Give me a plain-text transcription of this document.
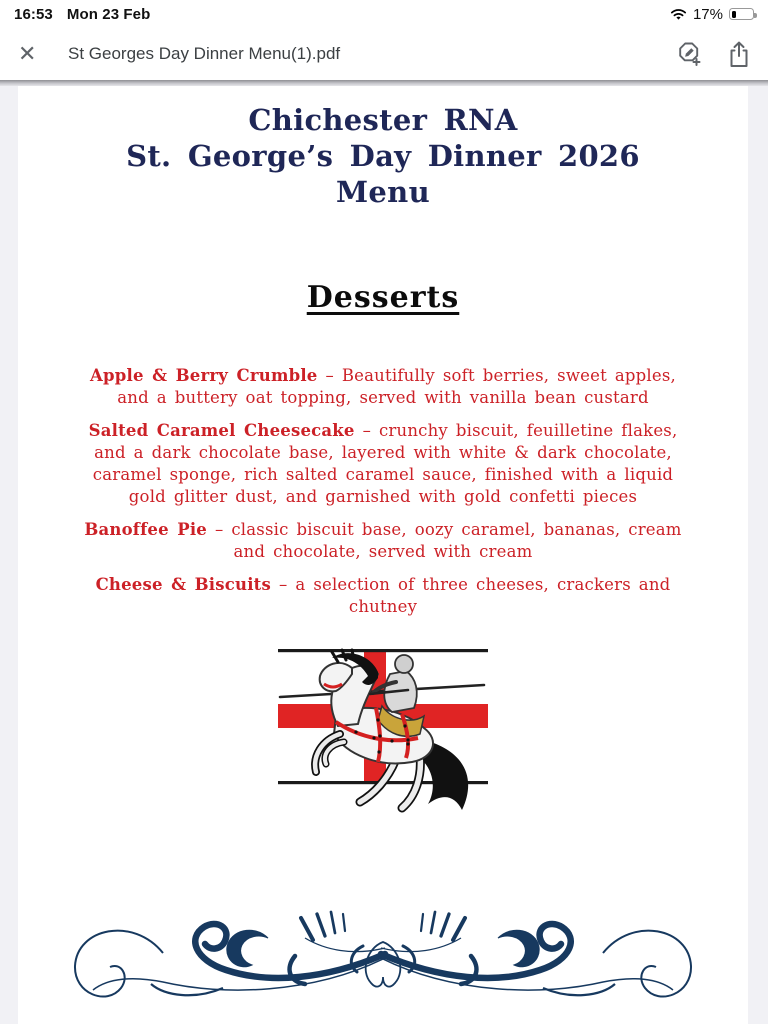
16:53 Mon 23 Feb	17%
✕	St Georges Day Dinner Menu(1).pdf
Chichester RNA
St. George’s Day Dinner 2026
Menu
Desserts

Apple & Berry Crumble – Beautifully soft berries, sweet apples, and a buttery oat topping, served with vanilla bean custard

Salted Caramel Cheesecake – crunchy biscuit, feuilletine flakes, and a dark chocolate base, layered with white & dark chocolate, caramel sponge, rich salted caramel sauce, finished with a liquid gold glitter dust, and garnished with gold confetti pieces

Banoffee Pie – classic biscuit base, oozy caramel, bananas, cream and chocolate, served with cream

Cheese & Biscuits – a selection of three cheeses, crackers and chutney
